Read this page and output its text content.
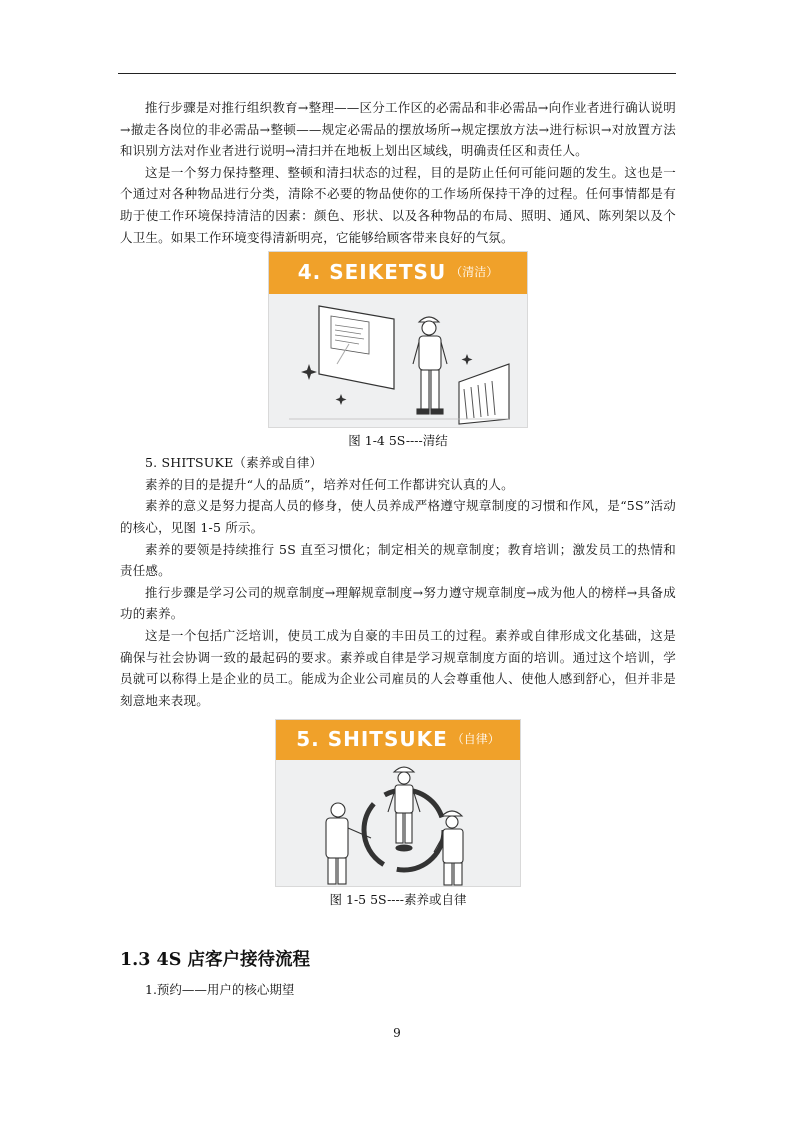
推行步骤是对推行组织教育→整理——区分工作区的必需品和非必需品→向作业者进行确认说明→撤走各岗位的非必需品→整顿——规定必需品的摆放场所→规定摆放方法→进行标识→对放置方法和识别方法对作业者进行说明→清扫并在地板上划出区域线，明确责任区和责任人。

这是一个努力保持整理、整顿和清扫状态的过程，目的是防止任何可能问题的发生。这也是一个通过对各种物品进行分类，清除不必要的物品使你的工作场所保持干净的过程。任何事情都是有助于使工作环境保持清洁的因素：颜色、形状、以及各种物品的布局、照明、通风、陈列架以及个人卫生。如果工作环境变得清新明亮，它能够给顾客带来良好的气氛。

4. SEIKETSU （清洁）
图 1-4 5S----清结

5. SHITSUKE（素养或自律）

素养的目的是提升“人的品质”，培养对任何工作都讲究认真的人。

素养的意义是努力提高人员的修身，使人员养成严格遵守规章制度的习惯和作风，是“5S”活动的核心，见图 1-5 所示。

素养的要领是持续推行 5S 直至习惯化；制定相关的规章制度；教育培训；激发员工的热情和责任感。

推行步骤是学习公司的规章制度→理解规章制度→努力遵守规章制度→成为他人的榜样→具备成功的素养。

这是一个包括广泛培训，使员工成为自豪的丰田员工的过程。素养或自律形成文化基础，这是确保与社会协调一致的最起码的要求。素养或自律是学习规章制度方面的培训。通过这个培训，学员就可以称得上是企业的员工。能成为企业公司雇员的人会尊重他人、使他人感到舒心，但并非是刻意地来表现。

5. SHITSUKE （自律）
图 1-5 5S----素养或自律
1.3 4S 店客户接待流程

1.预约——用户的核心期望

9
